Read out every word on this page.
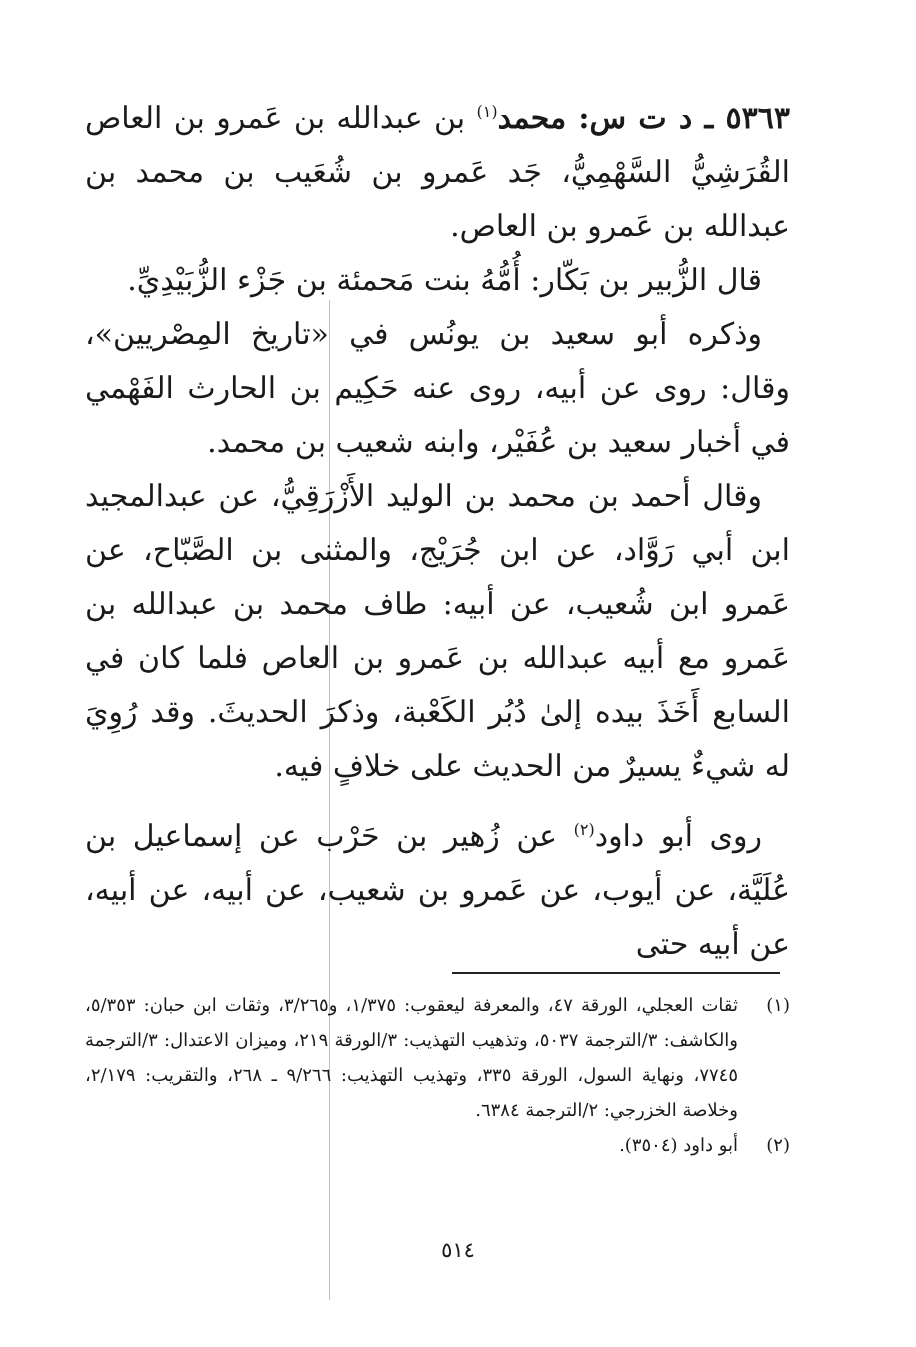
٥٣٦٣ ـ د ت س: محمد$^{(١)}$ بن عبدالله بن عَمرو بن العاص القُرَشِيُّ السَّهْمِيُّ، جَد عَمرو بن شُعَيب بن محمد بن عبدالله بن عَمرو بن العاص.

قال الزُّبير بن بَكّار: أُمُّهُ بنت مَحمئة بن جَزْء الزُّبَيْدِيِّ.

وذكره أبو سعيد بن يونُس في «تاريخ المِصْريين»، وقال: روى عن أبيه، روى عنه حَكِيم بن الحارث الفَهْمي في أخبار سعيد بن عُفَيْر، وابنه شعيب بن محمد.

وقال أحمد بن محمد بن الوليد الأَزْرَقِيُّ، عن عبدالمجيد ابن أبي رَوَّاد، عن ابن جُرَيْج، والمثنى بن الصَّبّاح، عن عَمرو ابن شُعيب، عن أبيه: طاف محمد بن عبدالله بن عَمرو مع أبيه عبدالله بن عَمرو بن العاص فلما كان في السابع أَخَذَ بيده إلىٰ دُبُر الكَعْبة، وذكرَ الحديثَ. وقد رُوِيَ له شيءٌ يسيرٌ من الحديث على خلافٍ فيه.

روى أبو داود$^{(٢)}$ عن زُهير بن حَرْب عن إسماعيل بن عُلَيَّة، عن أيوب، عن عَمرو بن شعيب، عن أبيه، عن أبيه، عن أبيه حتى

(١)
ثقات العجلي، الورقة ٤٧، والمعرفة ليعقوب: ١/٣٧٥، و٣/٢٦٥، وثقات ابن حبان: ٥/٣٥٣، والكاشف: ٣/الترجمة ٥٠٣٧، وتذهيب التهذيب: ٣/الورقة ٢١٩، وميزان الاعتدال: ٣/الترجمة ٧٧٤٥، ونهاية السول، الورقة ٣٣٥، وتهذيب التهذيب: ٩/٢٦٦ ـ ٢٦٨، والتقريب: ٢/١٧٩، وخلاصة الخزرجي: ٢/الترجمة ٦٣٨٤.
(٢)
أبو داود (٣٥٠٤).
٥١٤
